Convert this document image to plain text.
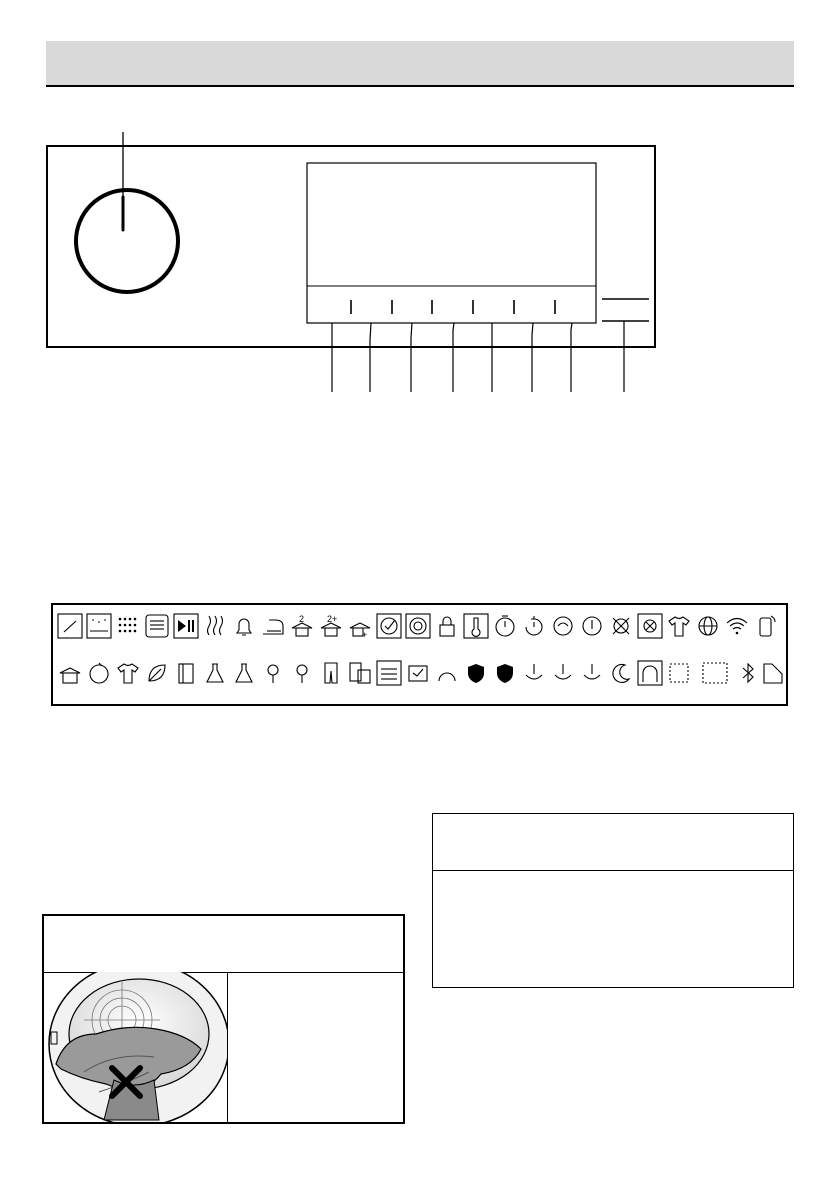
2	2+
+
